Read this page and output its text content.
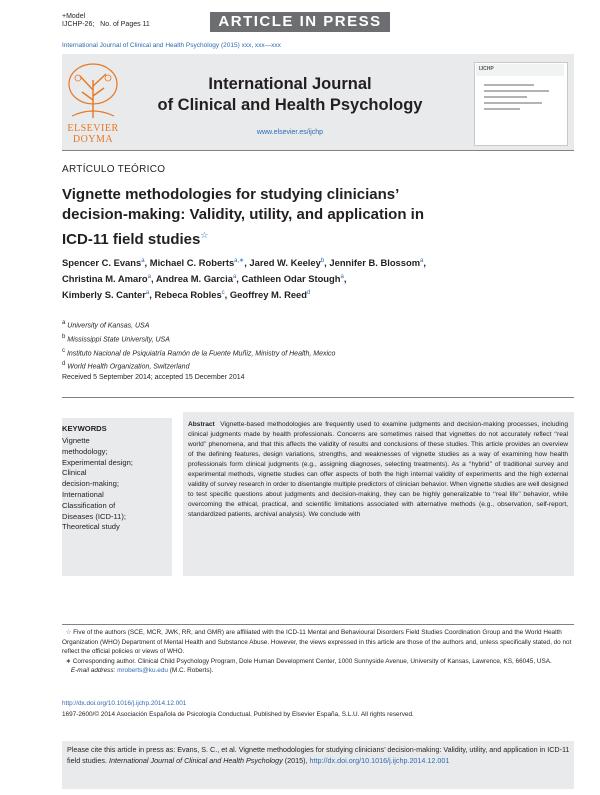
+Model
IJCHP-26; No. of Pages 11	ARTICLE IN PRESS
International Journal of Clinical and Health Psychology (2015) xxx, xxx—xxx
ELSEVIER
DOYMA
International Journal
of Clinical and Health Psychology
www.elsevier.es/ijchp
IJCHP
ARTÍCULO TEÓRICO
Vignette methodologies for studying clinicians’
decision-making: Validity, utility, and application in
ICD-11 field studies☆
Spencer C. Evans$^a$, Michael C. Roberts$^{a,∗}$, Jared W. Keeley$^b$, Jennifer B. Blossom$^a$,
Christina M. Amaro$^a$, Andrea M. Garcia$^a$, Cathleen Odar Stough$^a$,
Kimberly S. Canter$^a$, Rebeca Robles$^c$, Geoffrey M. Reed$^d$
a University of Kansas, USA
b Mississippi State University, USA
c Instituto Nacional de Psiquiatría Ramón de la Fuente Muñiz, Ministry of Health, Mexico
d World Health Organization, Switzerland
Received 5 September 2014; accepted 15 December 2014
KEYWORDS
Vignette
methodology;
Experimental design;
Clinical
decision-making;
International
Classification of
Diseases (ICD-11);
Theoretical study
Abstract Vignette-based methodologies are frequently used to examine judgments and decision-making processes, including clinical judgments made by health professionals. Concerns are sometimes raised that vignettes do not accurately reflect ‘‘real world’’ phenomena, and that this affects the validity of results and conclusions of these studies. This article provides an overview of the defining features, design variations, strengths, and weaknesses of vignette studies as a way of examining how health professionals form clinical judgments (e.g., assigning diagnoses, selecting treatments). As a ‘‘hybrid’’ of traditional survey and experimental methods, vignette studies can offer aspects of both the high internal validity of experiments and the high external validity of survey research in order to disentangle multiple predictors of clinician behavior. When vignette studies are well designed to test specific questions about judgments and decision-making, they can be highly generalizable to ‘‘real life’’ behavior, while overcoming the ethical, practical, and scientific limitations associated with alternative methods (e.g., observation, self-report, standardized patients, archival analysis). We conclude with
☆ Five of the authors (SCE, MCR, JWK, RR, and GMR) are affiliated with the ICD-11 Mental and Behavioural Disorders Field Studies Coordination Group and the World Health Organization (WHO) Department of Mental Health and Substance Abuse. However, the views expressed in this article are those of the authors and, unless specifically stated, do not reflect the official policies or views of WHO.
∗ Corresponding author. Clinical Child Psychology Program, Dole Human Development Center, 1000 Sunnyside Avenue, University of Kansas, Lawrence, KS, 66045, USA.
E-mail address: mroberts@ku.edu (M.C. Roberts).
http://dx.doi.org/10.1016/j.ijchp.2014.12.001
1697-2600/© 2014 Asociación Española de Psicología Conductual. Published by Elsevier España, S.L.U. All rights reserved.
Please cite this article in press as: Evans, S. C., et al. Vignette methodologies for studying clinicians’ decision-making: Validity, utility, and application in ICD-11 field studies. International Journal of Clinical and Health Psychology (2015), http://dx.doi.org/10.1016/j.ijchp.2014.12.001
